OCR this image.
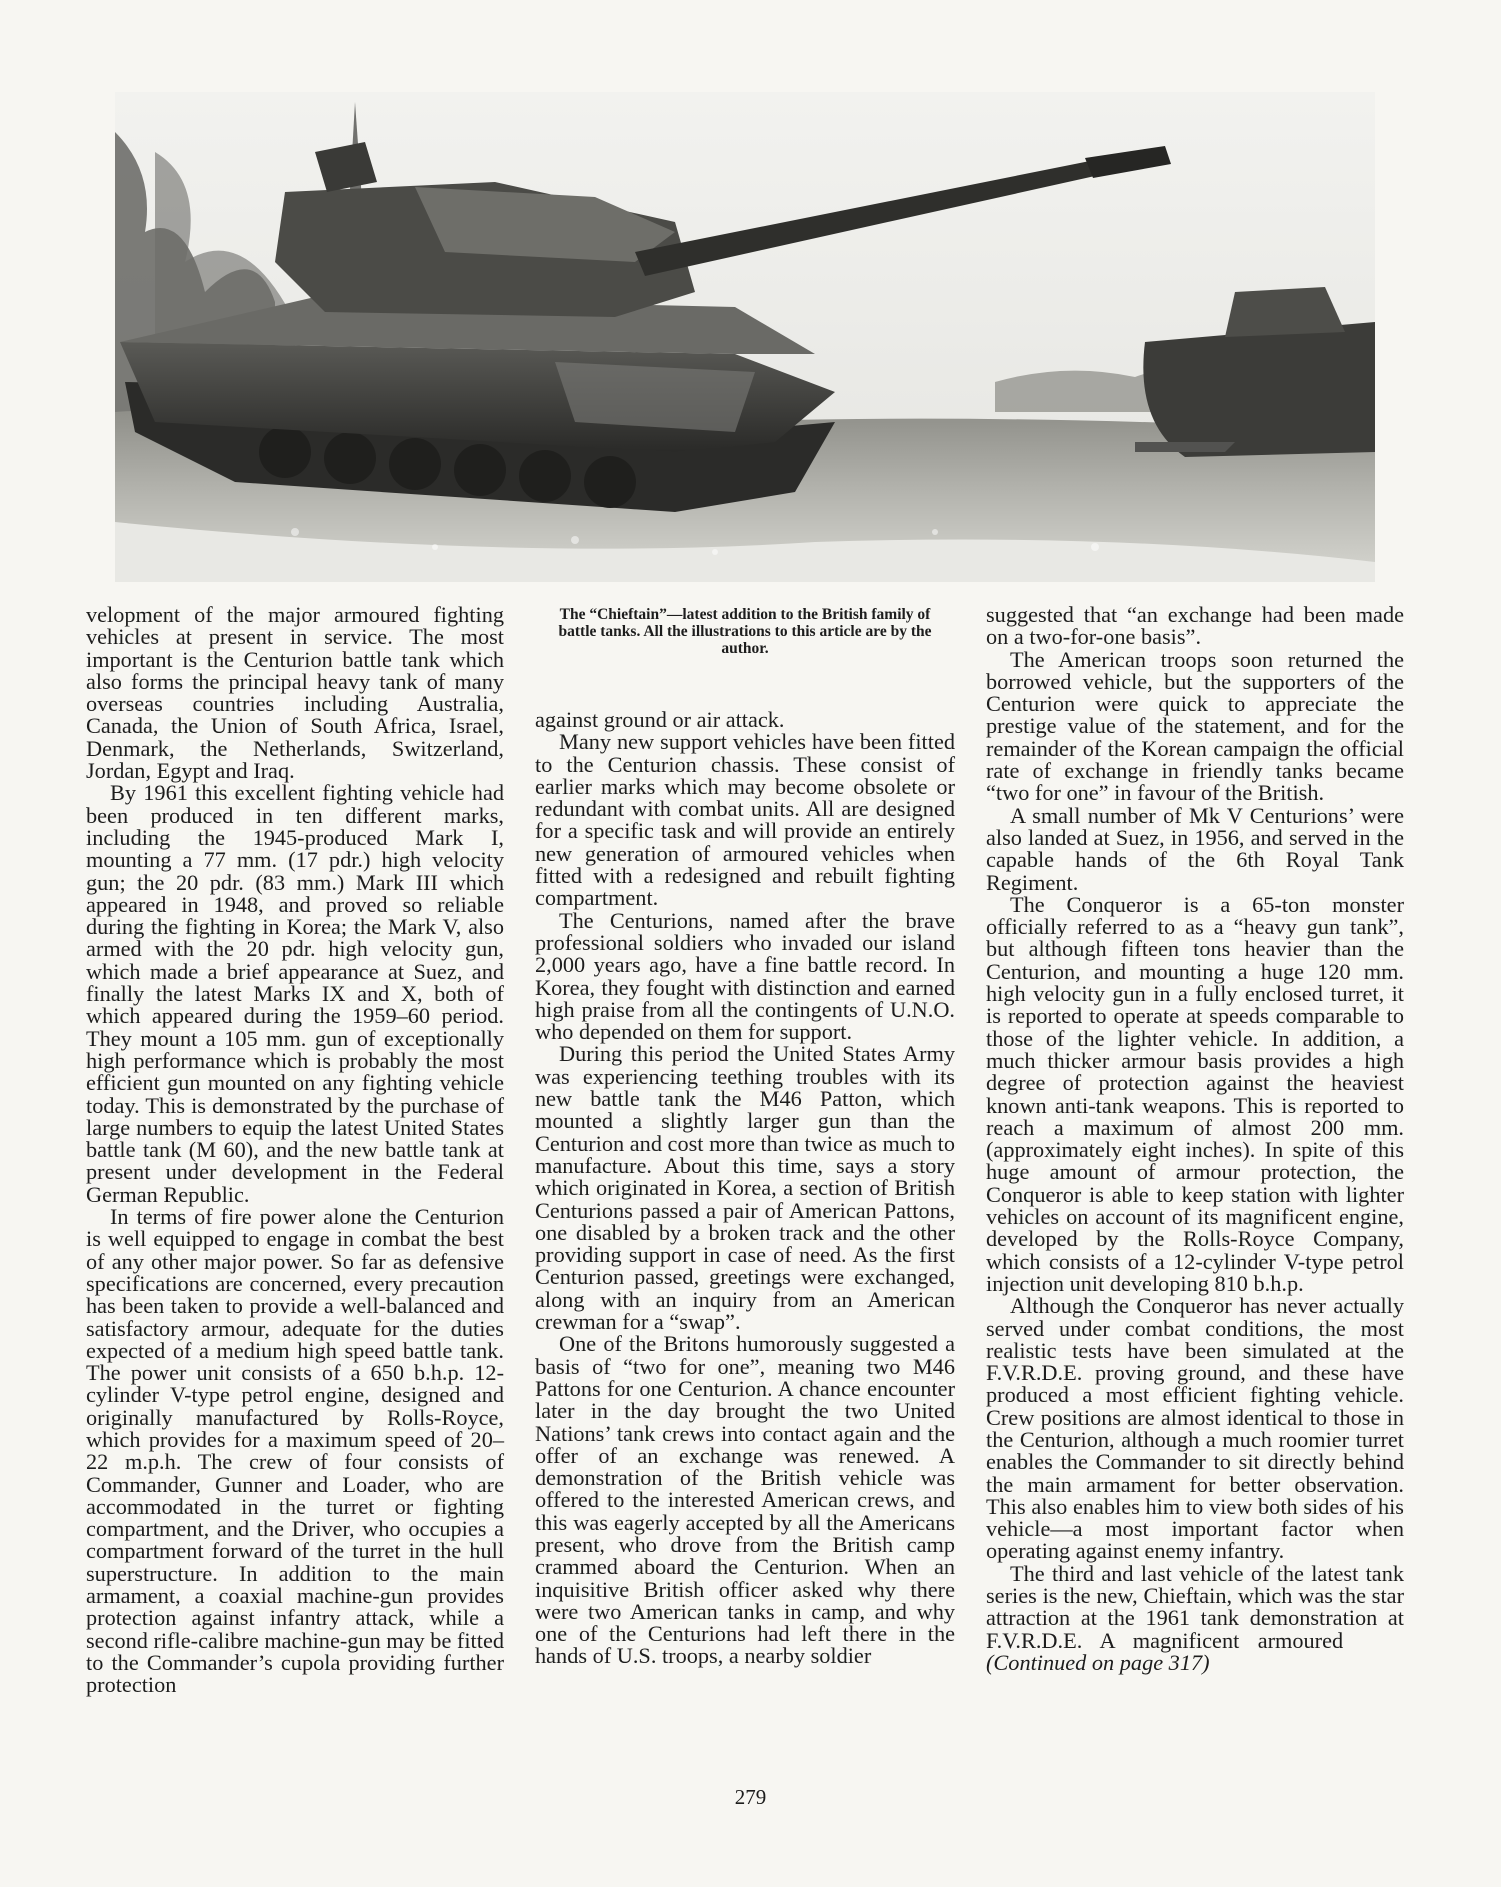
velopment of the major armoured fighting vehicles at present in service. The most important is the Centurion battle tank which also forms the principal heavy tank of many overseas countries including Australia, Canada, the Union of South Africa, Israel, Denmark, the Netherlands, Switzerland, Jordan, Egypt and Iraq.

By 1961 this excellent fighting vehicle had been produced in ten different marks, including the 1945-produced Mark I, mounting a 77 mm. (17 pdr.) high velocity gun; the 20 pdr. (83 mm.) Mark III which appeared in 1948, and proved so reliable during the fighting in Korea; the Mark V, also armed with the 20 pdr. high velocity gun, which made a brief appearance at Suez, and finally the latest Marks IX and X, both of which appeared during the 1959–60 period. They mount a 105 mm. gun of exceptionally high performance which is probably the most efficient gun mounted on any fighting vehicle today. This is demonstrated by the purchase of large numbers to equip the latest United States battle tank (M 60), and the new battle tank at present under development in the Federal German Republic.

In terms of fire power alone the Centurion is well equipped to engage in combat the best of any other major power. So far as defensive specifications are concerned, every precaution has been taken to provide a well-balanced and satisfactory armour, adequate for the duties expected of a medium high speed battle tank. The power unit consists of a 650 b.h.p. 12-cylinder V-type petrol engine, designed and originally manufactured by Rolls-Royce, which provides for a maximum speed of 20–22 m.p.h. The crew of four consists of Commander, Gunner and Loader, who are accommodated in the turret or fighting compartment, and the Driver, who occupies a compartment forward of the turret in the hull superstructure. In addition to the main armament, a coaxial machine-gun provides protection against infantry attack, while a second rifle-calibre machine-gun may be fitted to the Commander’s cupola providing further protection

The “Chieftain”—latest addition to the British family of battle tanks. All the illustrations to this article are by the author.

against ground or air attack.

Many new support vehicles have been fitted to the Centurion chassis. These consist of earlier marks which may become obsolete or redundant with combat units. All are designed for a specific task and will provide an entirely new generation of armoured vehicles when fitted with a redesigned and rebuilt fighting compartment.

The Centurions, named after the brave professional soldiers who invaded our island 2,000 years ago, have a fine battle record. In Korea, they fought with distinction and earned high praise from all the contingents of U.N.O. who depended on them for support.

During this period the United States Army was experiencing teething troubles with its new battle tank the M46 Patton, which mounted a slightly larger gun than the Centurion and cost more than twice as much to manufacture. About this time, says a story which originated in Korea, a section of British Centurions passed a pair of American Pattons, one disabled by a broken track and the other providing support in case of need. As the first Centurion passed, greetings were exchanged, along with an inquiry from an American crewman for a “swap”.

One of the Britons humorously suggested a basis of “two for one”, meaning two M46 Pattons for one Centurion. A chance encounter later in the day brought the two United Nations’ tank crews into contact again and the offer of an exchange was renewed. A demonstration of the British vehicle was offered to the interested American crews, and this was eagerly accepted by all the Americans present, who drove from the British camp crammed aboard the Centurion. When an inquisitive British officer asked why there were two American tanks in camp, and why one of the Centurions had left there in the hands of U.S. troops, a nearby soldier

suggested that “an exchange had been made on a two-for-one basis”.

The American troops soon returned the borrowed vehicle, but the supporters of the Centurion were quick to appreciate the prestige value of the statement, and for the remainder of the Korean campaign the official rate of exchange in friendly tanks became “two for one” in favour of the British.

A small number of Mk V Centurions’ were also landed at Suez, in 1956, and served in the capable hands of the 6th Royal Tank Regiment.

The Conqueror is a 65-ton monster officially referred to as a “heavy gun tank”, but although fifteen tons heavier than the Centurion, and mounting a huge 120 mm. high velocity gun in a fully enclosed turret, it is reported to operate at speeds comparable to those of the lighter vehicle. In addition, a much thicker armour basis provides a high degree of protection against the heaviest known anti-tank weapons. This is reported to reach a maximum of almost 200 mm. (approximately eight inches). In spite of this huge amount of armour protection, the Conqueror is able to keep station with lighter vehicles on account of its magnificent engine, developed by the Rolls-Royce Company, which consists of a 12-cylinder V-type petrol injection unit developing 810 b.h.p.

Although the Conqueror has never actually served under combat conditions, the most realistic tests have been simulated at the F.V.R.D.E. proving ground, and these have produced a most efficient fighting vehicle. Crew positions are almost identical to those in the Centurion, although a much roomier turret enables the Commander to sit directly behind the main armament for better observation. This also enables him to view both sides of his vehicle—a most important factor when operating against enemy infantry.

The third and last vehicle of the latest tank series is the new, Chieftain, which was the star attraction at the 1961 tank demonstration at F.V.R.D.E. A magnificent armoured     (Continued on page 317)

279
